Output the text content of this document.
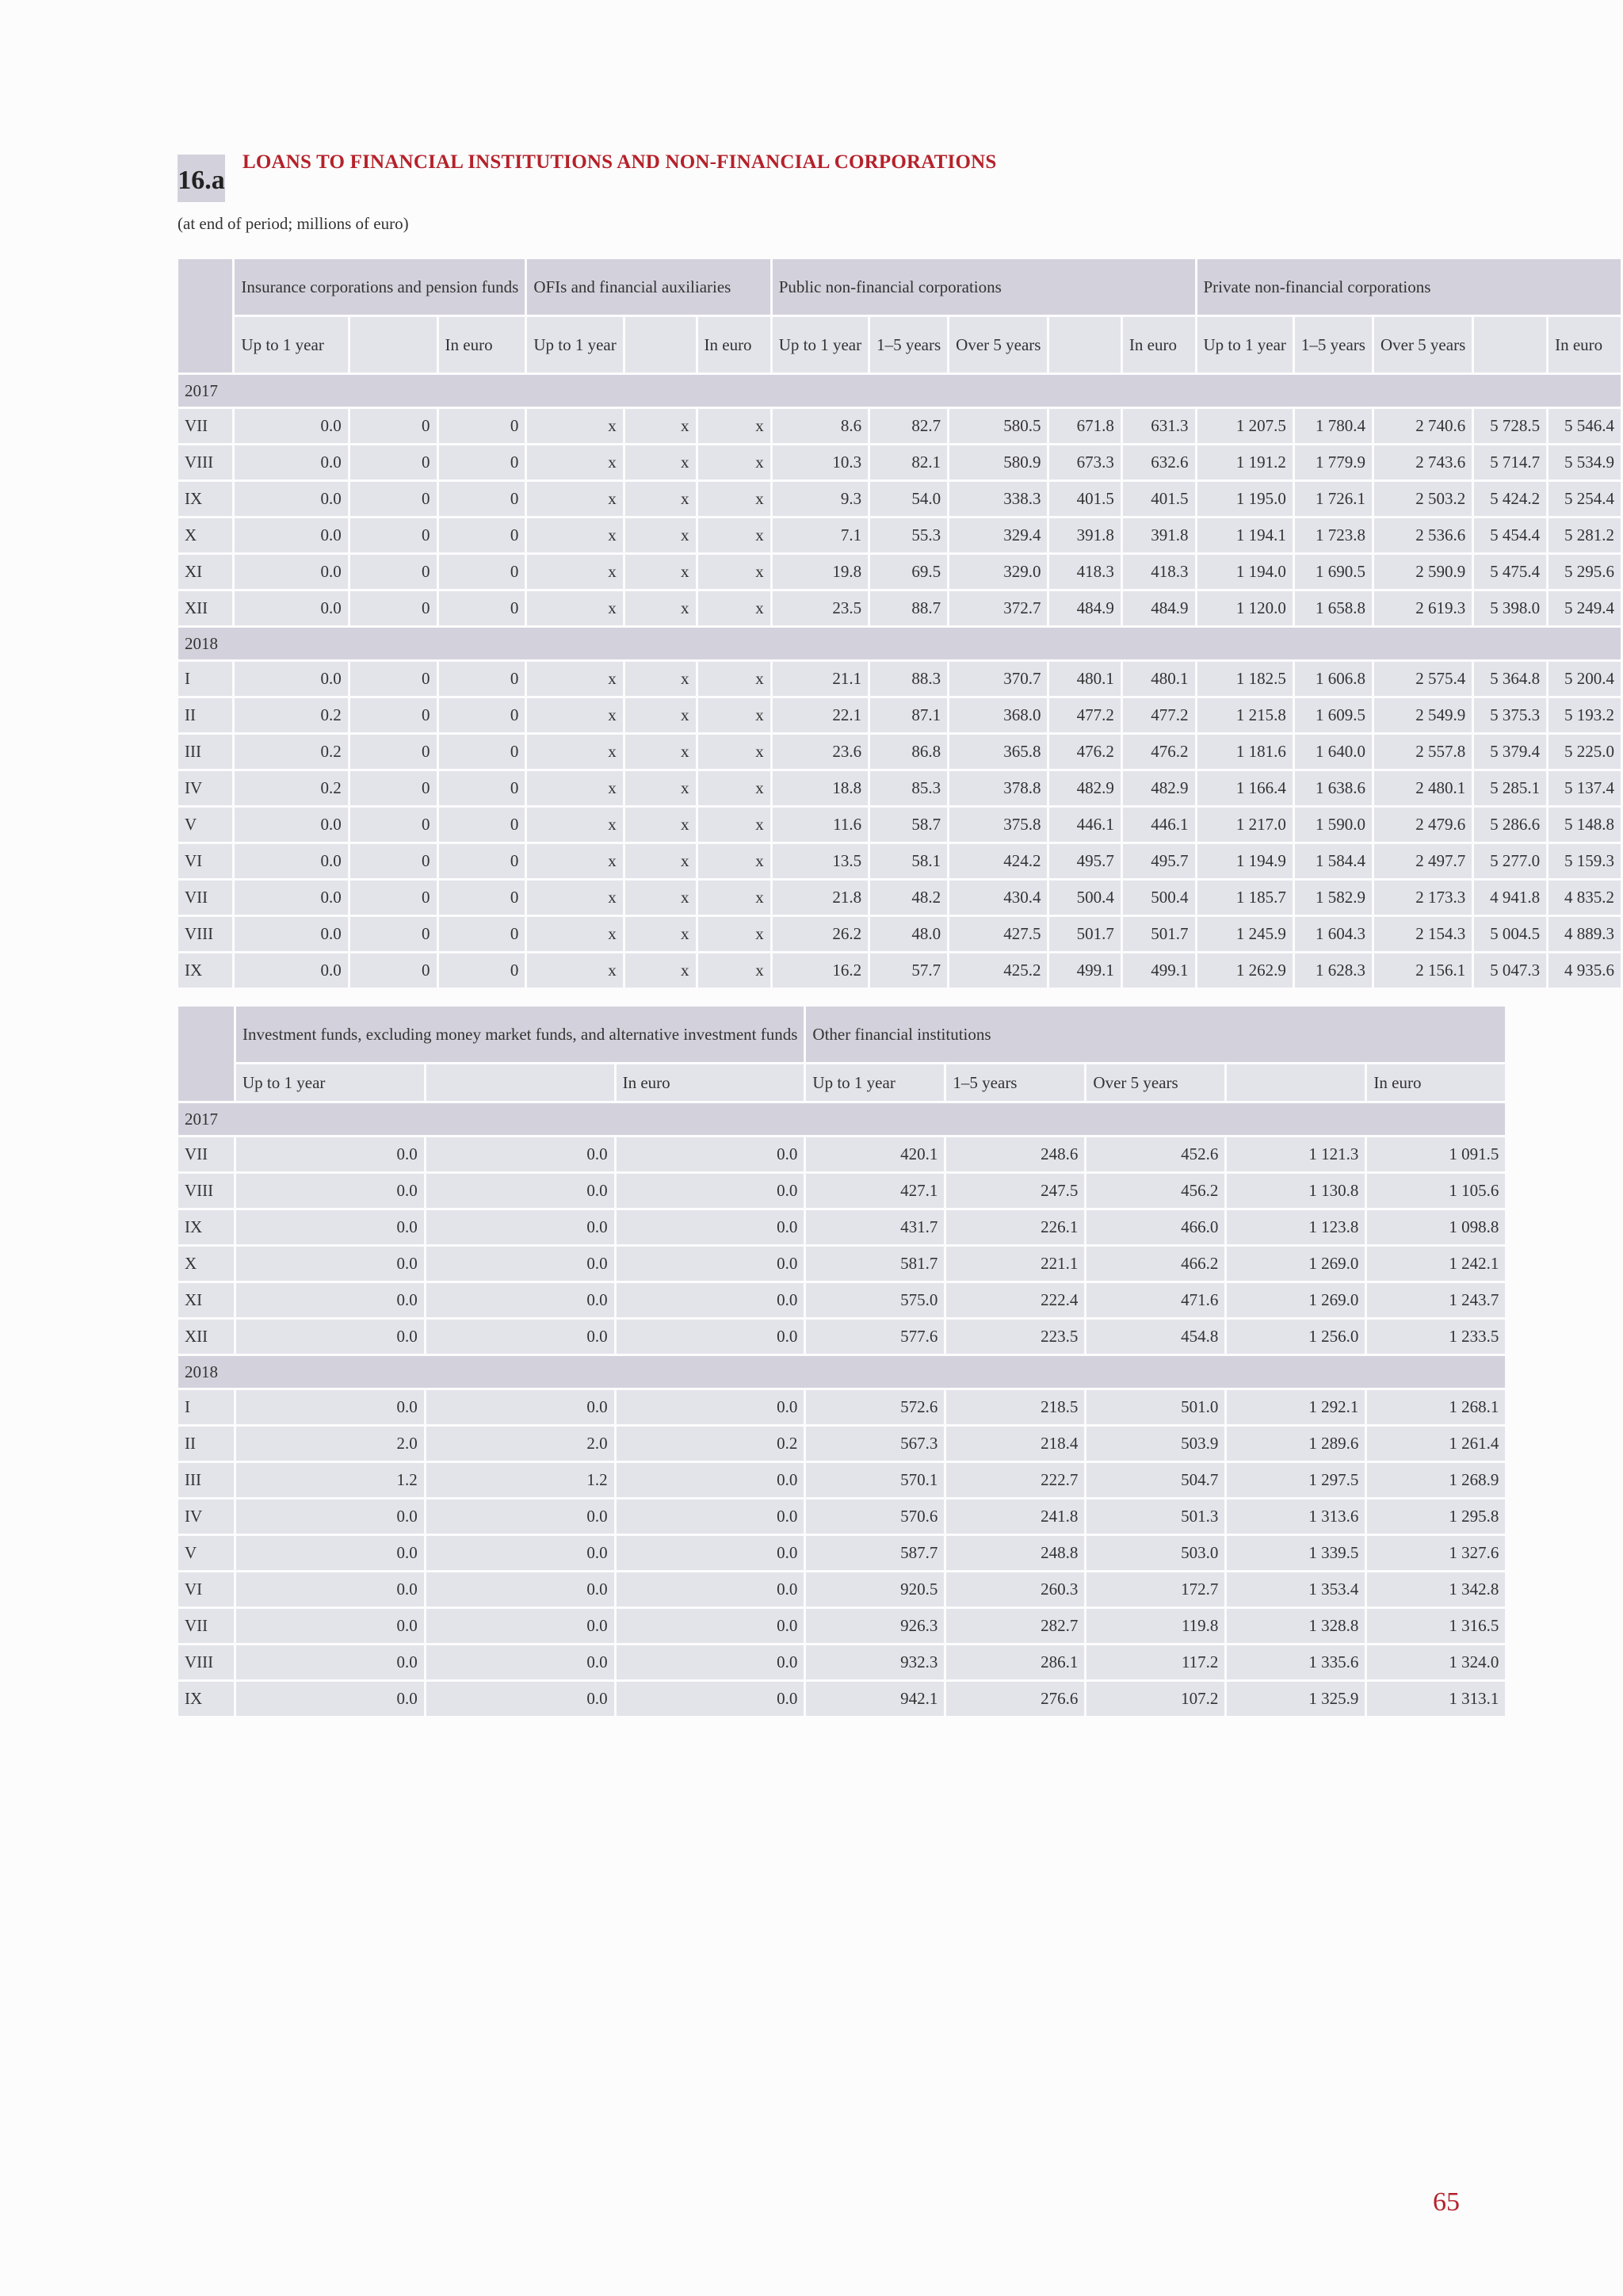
16.a
LOANS TO FINANCIAL INSTITUTIONS AND NON-FINANCIAL CORPORATIONS
(at end of period; millions of euro)
	Insurance corporations and pension funds			OFIs and financial auxiliaries			Public non-financial corporations					Private non-financial corporations				
	Up to 1 year		In euro	Up to 1 year		In euro	Up to 1 year	1–5 years	Over 5 years		In euro	Up to 1 year	1–5 years	Over 5 years		In euro
2017																
VII	0.0	0	0	x	x	x	8.6	82.7	580.5	671.8	631.3	1 207.5	1 780.4	2 740.6	5 728.5	5 546.4
VIII	0.0	0	0	x	x	x	10.3	82.1	580.9	673.3	632.6	1 191.2	1 779.9	2 743.6	5 714.7	5 534.9
IX	0.0	0	0	x	x	x	9.3	54.0	338.3	401.5	401.5	1 195.0	1 726.1	2 503.2	5 424.2	5 254.4
X	0.0	0	0	x	x	x	7.1	55.3	329.4	391.8	391.8	1 194.1	1 723.8	2 536.6	5 454.4	5 281.2
XI	0.0	0	0	x	x	x	19.8	69.5	329.0	418.3	418.3	1 194.0	1 690.5	2 590.9	5 475.4	5 295.6
XII	0.0	0	0	x	x	x	23.5	88.7	372.7	484.9	484.9	1 120.0	1 658.8	2 619.3	5 398.0	5 249.4
2018																
I	0.0	0	0	x	x	x	21.1	88.3	370.7	480.1	480.1	1 182.5	1 606.8	2 575.4	5 364.8	5 200.4
II	0.2	0	0	x	x	x	22.1	87.1	368.0	477.2	477.2	1 215.8	1 609.5	2 549.9	5 375.3	5 193.2
III	0.2	0	0	x	x	x	23.6	86.8	365.8	476.2	476.2	1 181.6	1 640.0	2 557.8	5 379.4	5 225.0
IV	0.2	0	0	x	x	x	18.8	85.3	378.8	482.9	482.9	1 166.4	1 638.6	2 480.1	5 285.1	5 137.4
V	0.0	0	0	x	x	x	11.6	58.7	375.8	446.1	446.1	1 217.0	1 590.0	2 479.6	5 286.6	5 148.8
VI	0.0	0	0	x	x	x	13.5	58.1	424.2	495.7	495.7	1 194.9	1 584.4	2 497.7	5 277.0	5 159.3
VII	0.0	0	0	x	x	x	21.8	48.2	430.4	500.4	500.4	1 185.7	1 582.9	2 173.3	4 941.8	4 835.2
VIII	0.0	0	0	x	x	x	26.2	48.0	427.5	501.7	501.7	1 245.9	1 604.3	2 154.3	5 004.5	4 889.3
IX	0.0	0	0	x	x	x	16.2	57.7	425.2	499.1	499.1	1 262.9	1 628.3	2 156.1	5 047.3	4 935.6
	Investment funds, excluding money market funds, and alternative investment funds			Other financial institutions				
	Up to 1 year		In euro	Up to 1 year	1–5 years	Over 5 years		In euro
2017								
VII	0.0	0.0	0.0	420.1	248.6	452.6	1 121.3	1 091.5
VIII	0.0	0.0	0.0	427.1	247.5	456.2	1 130.8	1 105.6
IX	0.0	0.0	0.0	431.7	226.1	466.0	1 123.8	1 098.8
X	0.0	0.0	0.0	581.7	221.1	466.2	1 269.0	1 242.1
XI	0.0	0.0	0.0	575.0	222.4	471.6	1 269.0	1 243.7
XII	0.0	0.0	0.0	577.6	223.5	454.8	1 256.0	1 233.5
2018								
I	0.0	0.0	0.0	572.6	218.5	501.0	1 292.1	1 268.1
II	2.0	2.0	0.2	567.3	218.4	503.9	1 289.6	1 261.4
III	1.2	1.2	0.0	570.1	222.7	504.7	1 297.5	1 268.9
IV	0.0	0.0	0.0	570.6	241.8	501.3	1 313.6	1 295.8
V	0.0	0.0	0.0	587.7	248.8	503.0	1 339.5	1 327.6
VI	0.0	0.0	0.0	920.5	260.3	172.7	1 353.4	1 342.8
VII	0.0	0.0	0.0	926.3	282.7	119.8	1 328.8	1 316.5
VIII	0.0	0.0	0.0	932.3	286.1	117.2	1 335.6	1 324.0
IX	0.0	0.0	0.0	942.1	276.6	107.2	1 325.9	1 313.1
65
